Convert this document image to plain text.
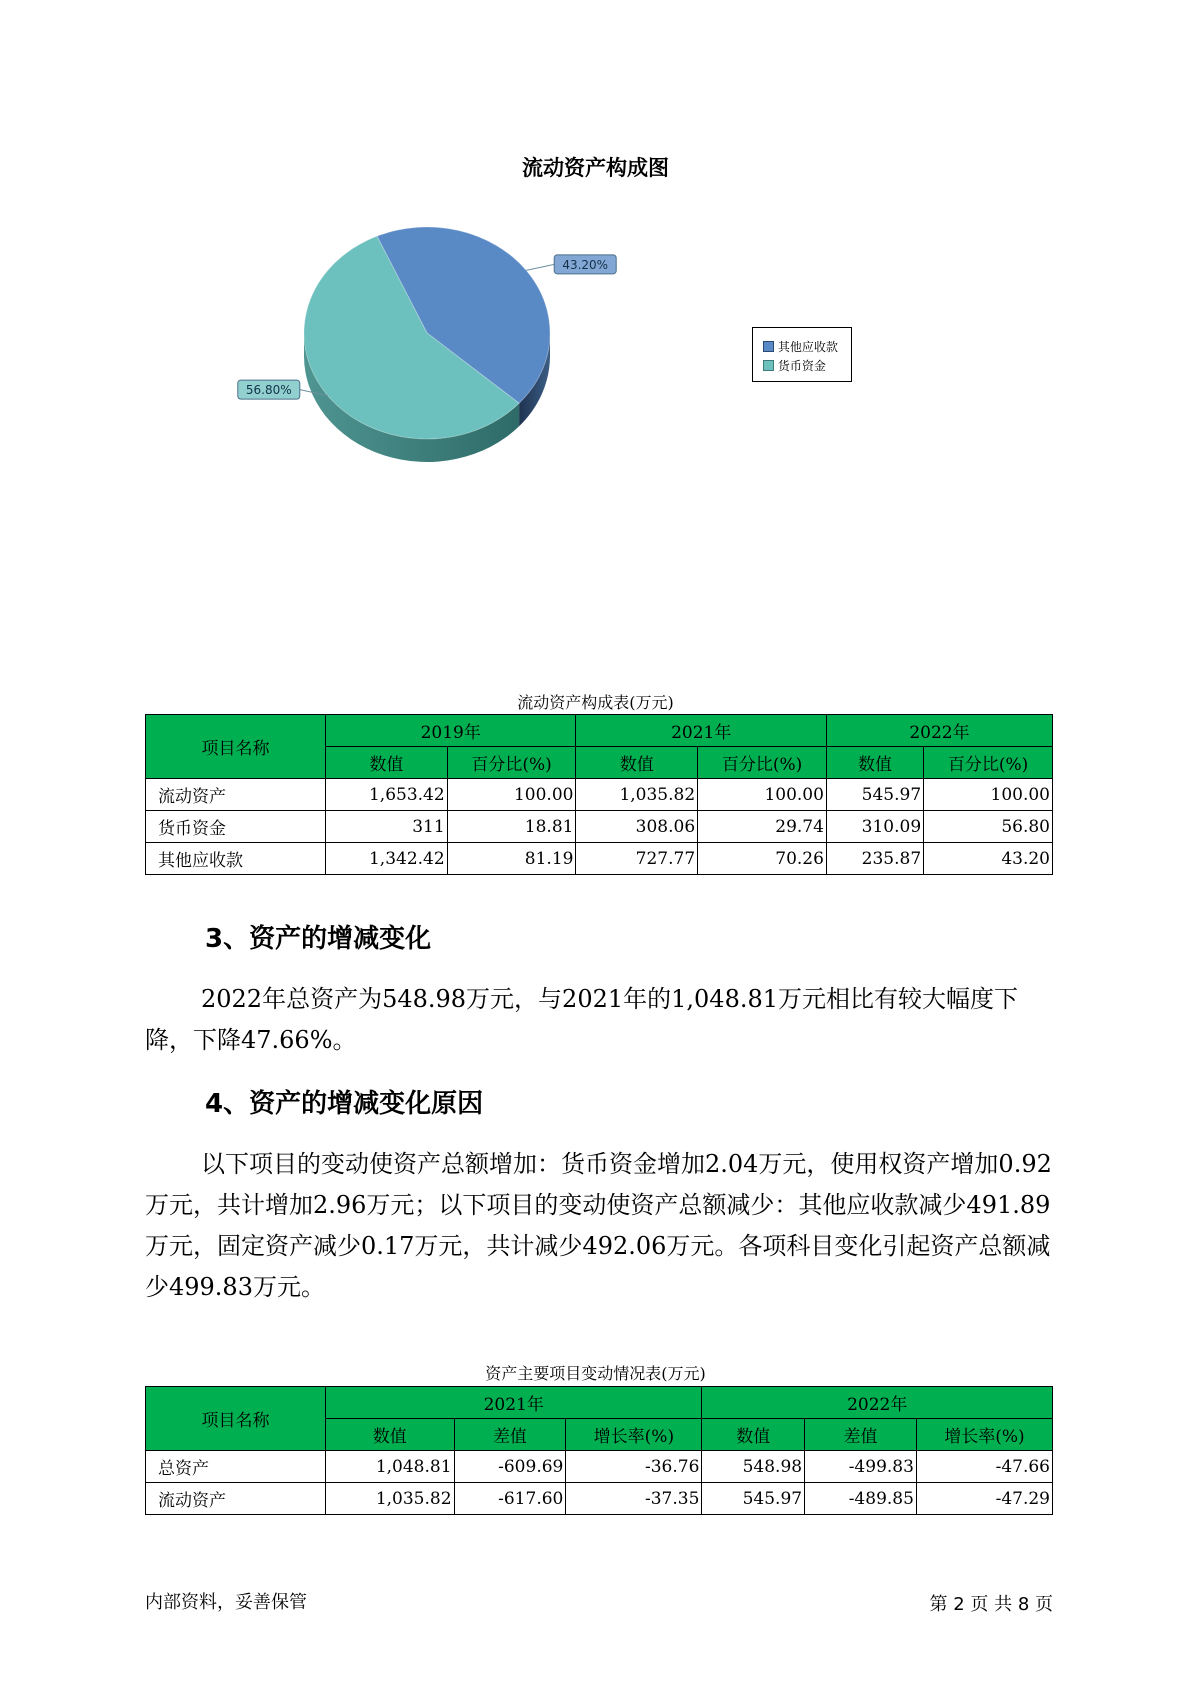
流动资产构成图
43.20%
56.80%
其他应收款
货币资金
流动资产构成表(万元)
项目名称	2019年		2021年		2022年	
	数值	百分比(%)	数值	百分比(%)	数值	百分比(%)
流动资产	1,653.42	100.00	1,035.82	100.00	545.97	100.00
货币资金	311	18.81	308.06	29.74	310.09	56.80
其他应收款	1,342.42	81.19	727.77	70.26	235.87	43.20
3、资产的增减变化
2022年总资产为548.98万元，与2021年的1,048.81万元相比有较大幅度下降，下降47.66%。
4、资产的增减变化原因
以下项目的变动使资产总额增加：货币资金增加2.04万元，使用权资产增加0.92万元，共计增加2.96万元；以下项目的变动使资产总额减少：其他应收款减少491.89万元，固定资产减少0.17万元，共计减少492.06万元。各项科目变化引起资产总额减少499.83万元。
资产主要项目变动情况表(万元)
项目名称	2021年			2022年		
	数值	差值	增长率(%)	数值	差值	增长率(%)
总资产	1,048.81	-609.69	-36.76	548.98	-499.83	-47.66
流动资产	1,035.82	-617.60	-37.35	545.97	-489.85	-47.29
内部资料，妥善保管	第 2 页 共 8 页
